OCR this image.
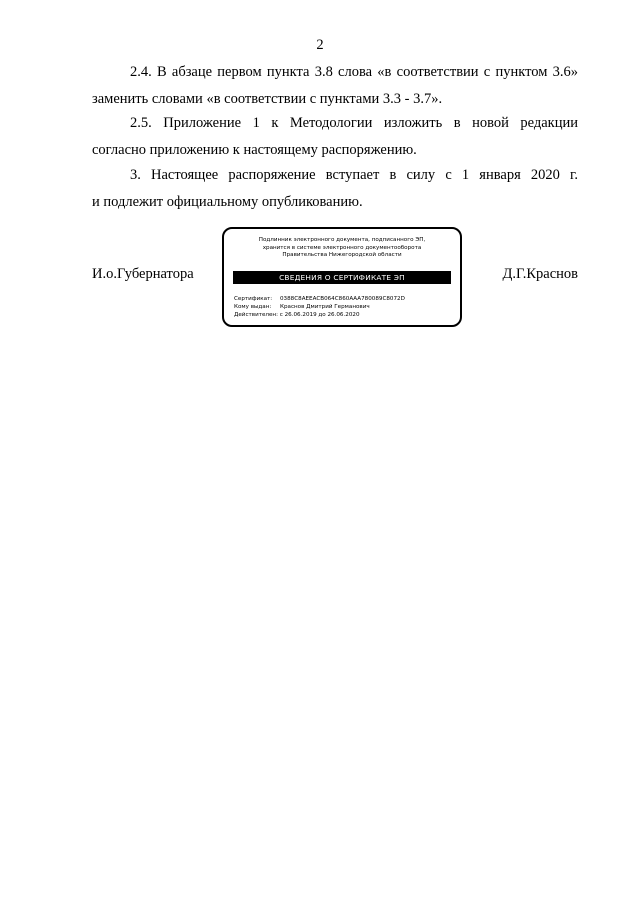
2

2.4. В абзаце первом пункта 3.8 слова «в соответствии с пунктом 3.6»
заменить словами «в соответствии с пунктами 3.3 - 3.7».

2.5. Приложение 1 к Методологии изложить в новой редакции
согласно приложению к настоящему распоряжению.

3. Настоящее распоряжение вступает в силу с 1 января 2020 г.
и подлежит официальному опубликованию.

И.о.Губернатора
Подлинник электронного документа, подписанного ЭП,
хранится в системе электронного документооборота
Правительства Нижегородской области
СВЕДЕНИЯ О СЕРТИФИКАТЕ ЭП
Сертификат: 0388C8AEEACB064C860AAA780089C8072D
Кому выдан: Краснов Дмитрий Германович
Действителен: с 26.06.2019 до 26.06.2020
Д.Г.Краснов
